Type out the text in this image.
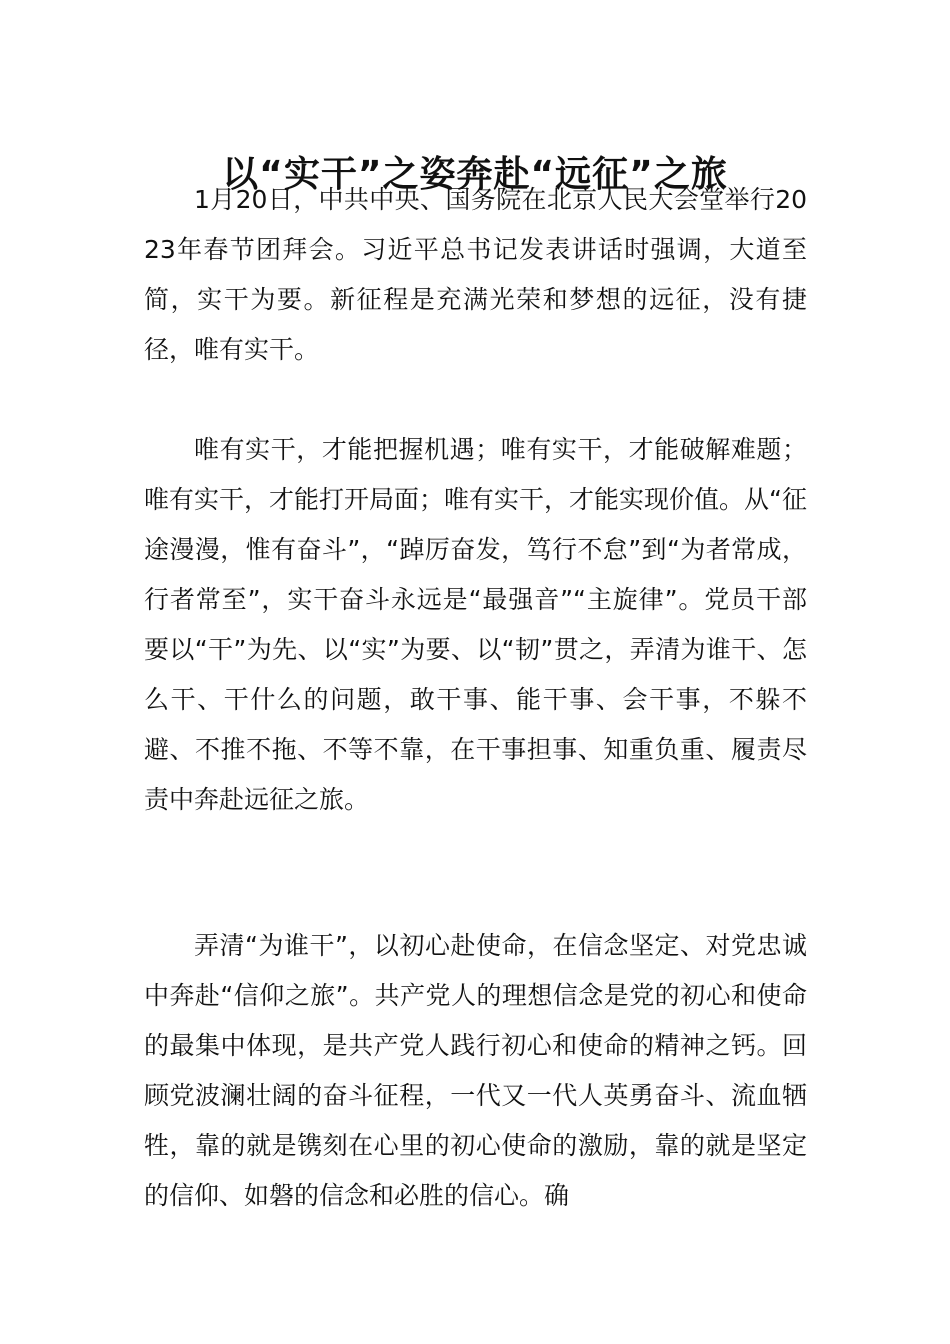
以“实干”之姿奔赴“远征”之旅

1月20日，中共中央、国务院在北京人民大会堂举行2023年春节团拜会。习近平总书记发表讲话时强调，大道至简，实干为要。新征程是充满光荣和梦想的远征，没有捷径，唯有实干。

唯有实干，才能把握机遇；唯有实干，才能破解难题；唯有实干，才能打开局面；唯有实干，才能实现价值。从“征途漫漫，惟有奋斗”，“踔厉奋发，笃行不怠”到“为者常成，行者常至”，实干奋斗永远是“最强音”“主旋律”。党员干部要以“干”为先、以“实”为要、以“韧”贯之，弄清为谁干、怎么干、干什么的问题，敢干事、能干事、会干事，不躲不避、不推不拖、不等不靠，在干事担事、知重负重、履责尽责中奔赴远征之旅。

弄清“为谁干”，以初心赴使命，在信念坚定、对党忠诚中奔赴“信仰之旅”。共产党人的理想信念是党的初心和使命的最集中体现，是共产党人践行初心和使命的精神之钙。回顾党波澜壮阔的奋斗征程，一代又一代人英勇奋斗、流血牺牲，靠的就是镌刻在心里的初心使命的激励，靠的就是坚定的信仰、如磐的信念和必胜的信心。确
